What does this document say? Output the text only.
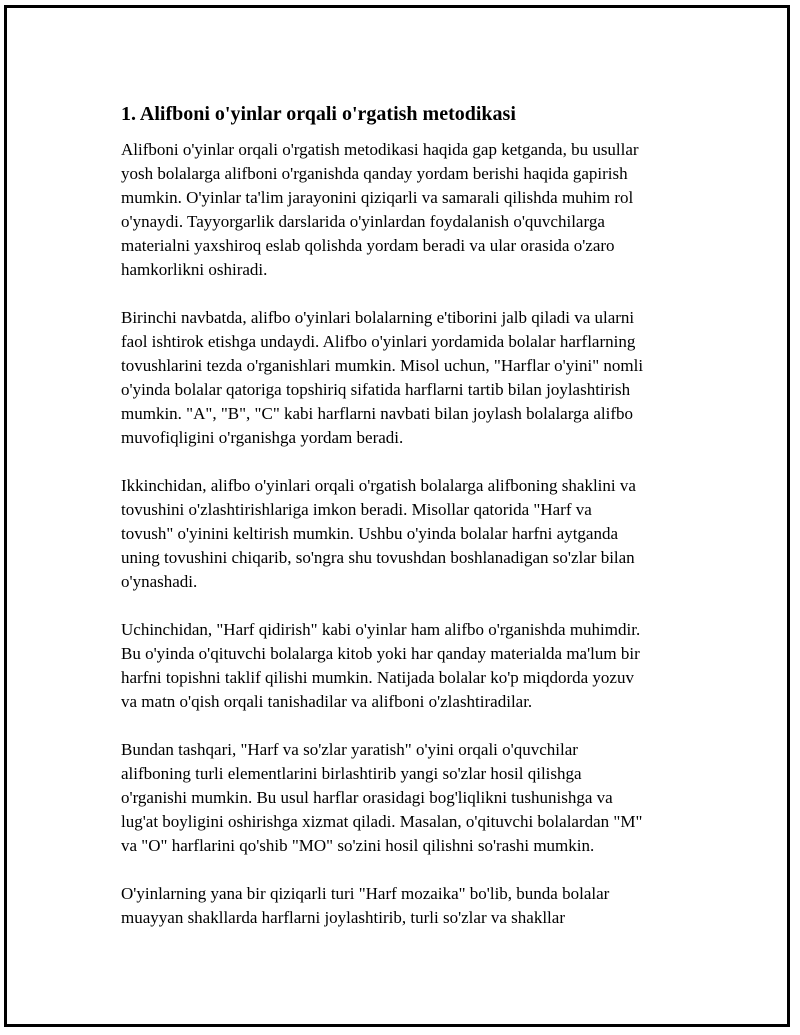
1. Alifboni o'yinlar orqali o'rgatish metodikasi

Alifboni o'yinlar orqali o'rgatish metodikasi haqida gap ketganda, bu usullar
yosh bolalarga alifboni o'rganishda qanday yordam berishi haqida gapirish
mumkin. O'yinlar ta'lim jarayonini qiziqarli va samarali qilishda muhim rol
o'ynaydi. Tayyorgarlik darslarida o'yinlardan foydalanish o'quvchilarga
materialni yaxshiroq eslab qolishda yordam beradi va ular orasida o'zaro
hamkorlikni oshiradi.

Birinchi navbatda, alifbo o'yinlari bolalarning e'tiborini jalb qiladi va ularni
faol ishtirok etishga undaydi. Alifbo o'yinlari yordamida bolalar harflarning
tovushlarini tezda o'rganishlari mumkin. Misol uchun, "Harflar o'yini" nomli
o'yinda bolalar qatoriga topshiriq sifatida harflarni tartib bilan joylashtirish
mumkin. "A", "B", "C" kabi harflarni navbati bilan joylash bolalarga alifbo
muvofiqligini o'rganishga yordam beradi.

Ikkinchidan, alifbo o'yinlari orqali o'rgatish bolalarga alifboning shaklini va
tovushini o'zlashtirishlariga imkon beradi. Misollar qatorida "Harf va
tovush" o'yinini keltirish mumkin. Ushbu o'yinda bolalar harfni aytganda
uning tovushini chiqarib, so'ngra shu tovushdan boshlanadigan so'zlar bilan
o'ynashadi.

Uchinchidan, "Harf qidirish" kabi o'yinlar ham alifbo o'rganishda muhimdir.
Bu o'yinda o'qituvchi bolalarga kitob yoki har qanday materialda ma'lum bir
harfni topishni taklif qilishi mumkin. Natijada bolalar ko'p miqdorda yozuv
va matn o'qish orqali tanishadilar va alifboni o'zlashtiradilar.

Bundan tashqari, "Harf va so'zlar yaratish" o'yini orqali o'quvchilar
alifboning turli elementlarini birlashtirib yangi so'zlar hosil qilishga
o'rganishi mumkin. Bu usul harflar orasidagi bog'liqlikni tushunishga va
lug'at boyligini oshirishga xizmat qiladi. Masalan, o'qituvchi bolalardan "M"
va "O" harflarini qo'shib "MO" so'zini hosil qilishni so'rashi mumkin.

O'yinlarning yana bir qiziqarli turi "Harf mozaika" bo'lib, bunda bolalar
muayyan shakllarda harflarni joylashtirib, turli so'zlar va shakllar
